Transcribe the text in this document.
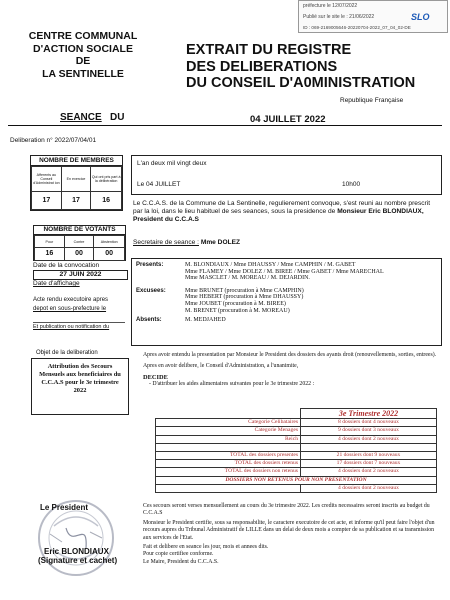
préfecture le 12/07/2022
Publié sur le site le : 21/06/2022	SLO
ID : 069-2169005646-20220704-2022_07_04_02-DE
CENTRE COMMUNAL
D'ACTION SOCIALE
DE
LA SENTINELLE
EXTRAIT DU REGISTRE
DES DELIBERATIONS
DU CONSEIL D'A0MINISTRATION
Republique Française
SEANCE DU	04 JUILLET 2022
Deliberation n° 2022/07/04/01
NOMBRE DE MEMBRES
Afferents au Conseil d'Administrat ion	En exercice	Qui ont pris part à la délibération
17	17	16
NOMBRE DE VOTANTS
Pour	Contre	Abstention
16	00	00
Date de la convocation
27 JUIN 2022
Date d'affichage
Acte rendu executoire apres
depot en sous-prefecture le
Et publication ou notification du
L'an deux mil vingt deux
Le 04 JUILLET	10h00
Le C.C.A.S. de la Commune de La Sentinelle, regulierement convoque, s'est reuni au nombre prescrit par la loi, dans le lieu habituel de ses seances, sous la presidence de Monsieur Eric BLONDIAUX, President du C.C.A.S
Secretaire de seance : Mme DOLEZ
Presents:	M. BLONDIAUX / Mme DHAUSSY / Mme CAMPHIN / M. GABET
Mme FLAMEY / Mme DOLEZ / M. BIREE / Mme GABET / Mme MARECHAL
Mme MASCLET / M. MOREAU / M. DEJARDIN.

Excusees:	Mme BRUNET (procuration à Mme CAMPHIN)
Mme HEBERT (procuration à Mme DHAUSSY)
Mme JOUBET (procuration à M. BIREE)
M. BRENET (procuration à M. MOREAU)

Absents:	M. MEDJAHED
Objet de la deliberation
Attribution des Secours Mensuels aux beneficiaires du C.C.A.S pour le 3e trimestre 2022
Apres avoir entendu la presentation par Monsieur le President des dossiers des ayants droit (renouvellements, sorties, entrees).
Apres en avoir delibere, le Conseil d'Administration, a l'unanimite,
DECIDE
- D'attribuer les aides alimentaires suivantes pour le 3e trimestre 2022 :
	3e Trimestre 2022
Categorie Celibataires	8 dossiers dont 4 nouveaux
Categorie Menages	9 dossiers dont 3 nouveaux
Reich	4 dossiers dont 2 nouveaux

TOTAL des dossiers presentes	21 dossiers dont 9 nouveaux
TOTAL des dossiers retenus	17 dossiers dont 7 nouveaux
TOTAL des dossiers non retenus	4 dossiers dont 2 nouveaux
DOSSIERS NON RETENUS POUR NON PRESENTATION	
	4 dossiers dont 2 nouveaux
Ces secours seront verses mensuellement au cours du 3e trimestre 2022. Les credits necessaires seront inscrits au budget du C.C.A.S
Monsieur le President certifie, sous sa responsabilite, le caractere executoire de cet acte, et informe qu'il peut faire l'objet d'un recours aupres du Tribunal Administratif de LILLE dans un delai de deux mois a compter de sa publication et sa transmission aux services de l'Etat.
Fait et delibere en seance les jour, mois et annees dits.
Pour copie certifiee conforme.
Le Maire, President du C.C.A.S.
Le President
Eric BLONDIAUX
(Signature et cachet)
